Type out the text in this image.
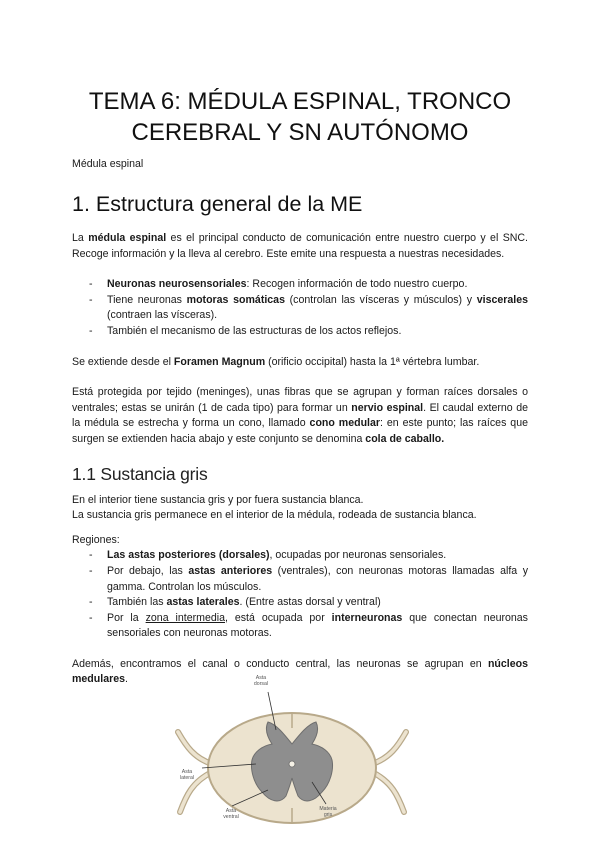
TEMA 6: MÉDULA ESPINAL, TRONCO CEREBRAL Y SN AUTÓNOMO
Médula espinal
1. Estructura general de la ME

La médula espinal es el principal conducto de comunicación entre nuestro cuerpo y el SNC. Recoge información y la lleva al cerebro. Este emite una respuesta a nuestras necesidades.

- Neuronas neurosensoriales: Recogen información de todo nuestro cuerpo.
- Tiene neuronas motoras somáticas (controlan las vísceras y músculos) y viscerales (contraen las vísceras).
- También el mecanismo de las estructuras de los actos reflejos.

Se extiende desde el Foramen Magnum (orificio occipital) hasta la 1ª vértebra lumbar.

Está protegida por tejido (meninges), unas fibras que se agrupan y forman raíces dorsales o ventrales; estas se unirán (1 de cada tipo) para formar un nervio espinal. El caudal externo de la médula se estrecha y forma un cono, llamado cono medular: en este punto; las raíces que surgen se extienden hacia abajo y este conjunto se denomina cola de caballo.

1.1 Sustancia gris

En el interior tiene sustancia gris y por fuera sustancia blanca.

La sustancia gris permanece en el interior de la médula, rodeada de sustancia blanca.

Regiones:

- Las astas posteriores (dorsales), ocupadas por neuronas sensoriales.
- Por debajo, las astas anteriores (ventrales), con neuronas motoras llamadas alfa y gamma. Controlan los músculos.
- También las astas laterales. (Entre astas dorsal y ventral)
- Por la zona intermedia, está ocupada por interneuronas que conectan neuronas sensoriales con neuronas motoras.

Además, encontramos el canal o conducto central, las neuronas se agrupan en núcleos medulares.	Asta
dorsal
Asta
lateral
Asta
ventral
Materia
gris
